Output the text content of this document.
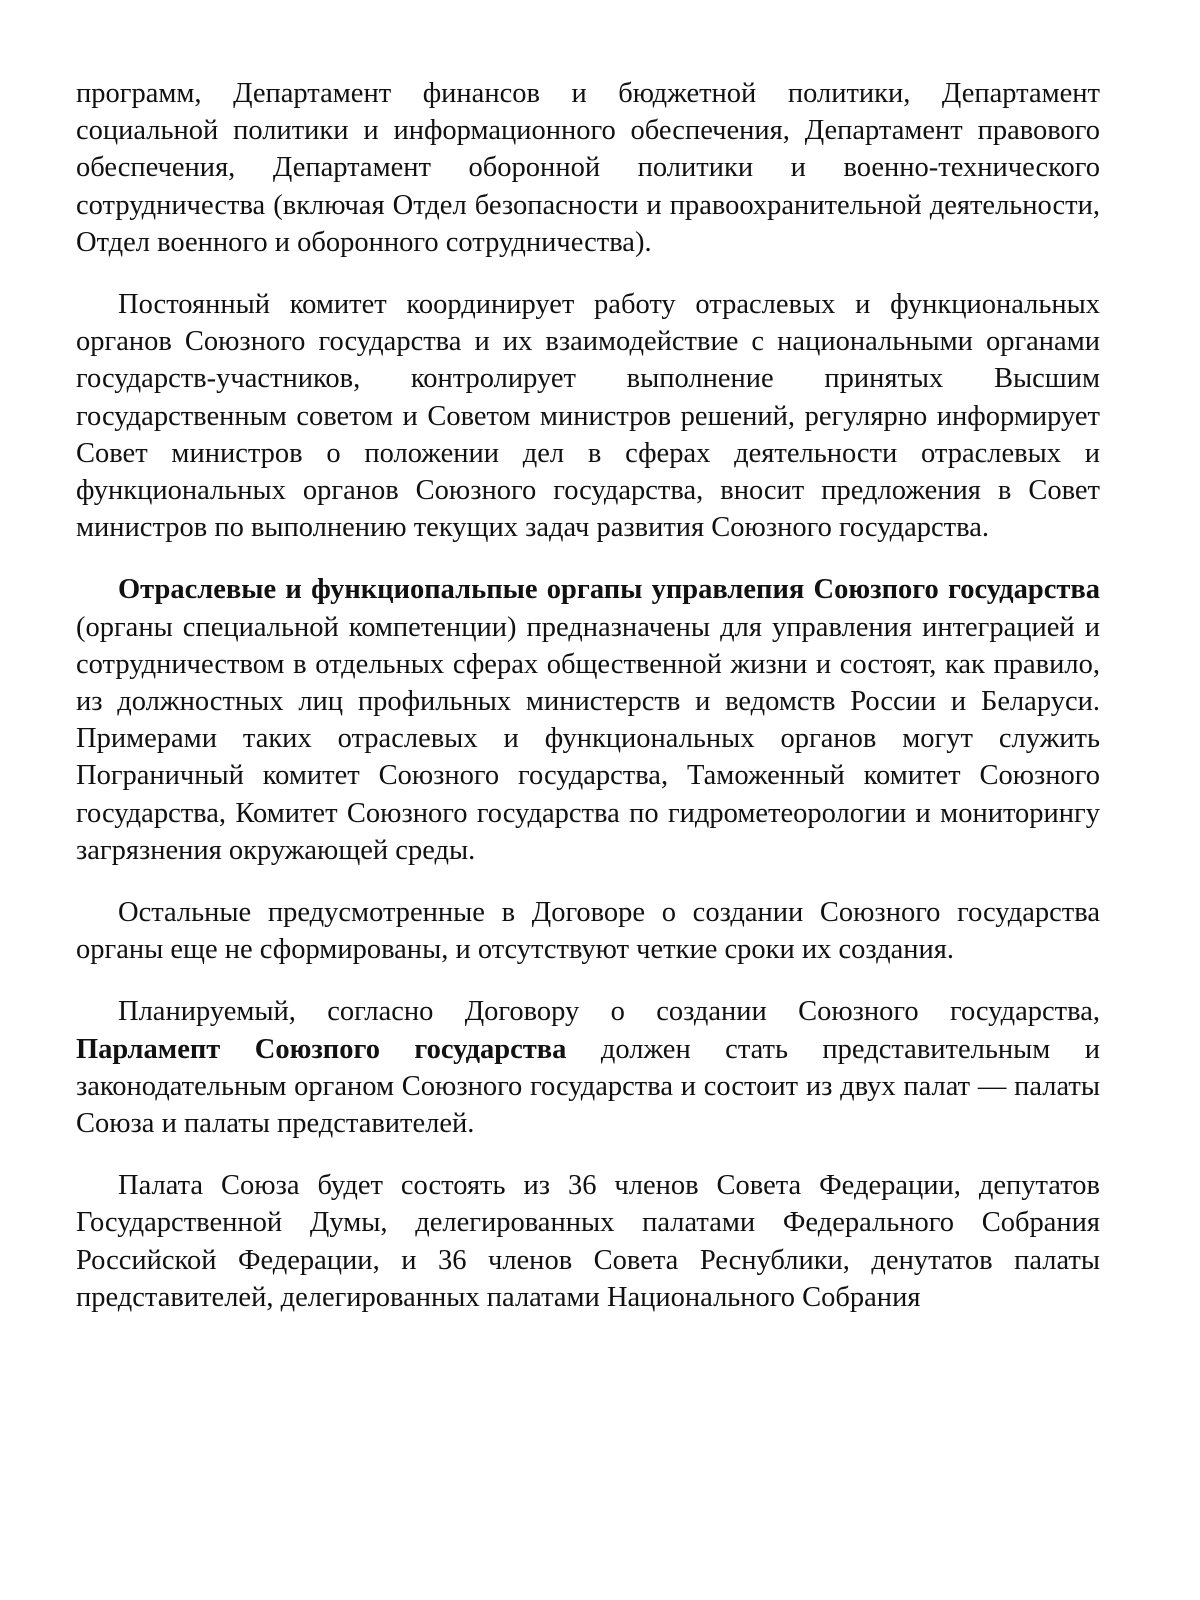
программ, Департамент финансов и бюджетной политики, Департамент социальной политики и информационного обеспечения, Департамент правового обеспечения, Департамент оборонной политики и военно-технического сотрудничества (включая Отдел безопасности и правоохранительной деятельности, Отдел военного и оборонного сотрудничества).

Постоянный комитет координирует работу отраслевых и функциональных органов Союзного государства и их взаимодействие с национальными органами государств-участников, контролирует выполнение принятых Высшим государственным советом и Советом министров решений, регулярно информирует Совет министров о положении дел в сферах деятельности отраслевых и функциональных органов Союзного государства, вносит предложения в Совет министров по выполнению текущих задач развития Союзного государства.

Отраслевые и функциопальпые оргапы управлепия Союзпого государства (органы специальной компетенции) предназначены для управления интеграцией и сотрудничеством в отдельных сферах общественной жизни и состоят, как правило, из должностных лиц профильных министерств и ведомств России и Беларуси. Примерами таких отраслевых и функциональных органов могут служить Пограничный комитет Союзного государства, Таможенный комитет Союзного государства, Комитет Союзного государства по гидрометеорологии и мониторингу загрязнения окружающей среды.

Остальные предусмотренные в Договоре о создании Союзного государства органы еще не сформированы, и отсутствуют четкие сроки их создания.

Планируемый, согласно Договору о создании Союзного государства, Парламепт Союзпого государства должен стать представительным и законодательным органом Союзного государства и состоит из двух палат — палаты Союза и палаты представителей.

Палата Союза будет состоять из 36 членов Совета Федерации, депутатов Государственной Думы, делегированных палатами Федерального Собрания Российской Федерации, и 36 членов Совета Реснублики, денутатов палаты представителей, делегированных палатами Национального Собрания
